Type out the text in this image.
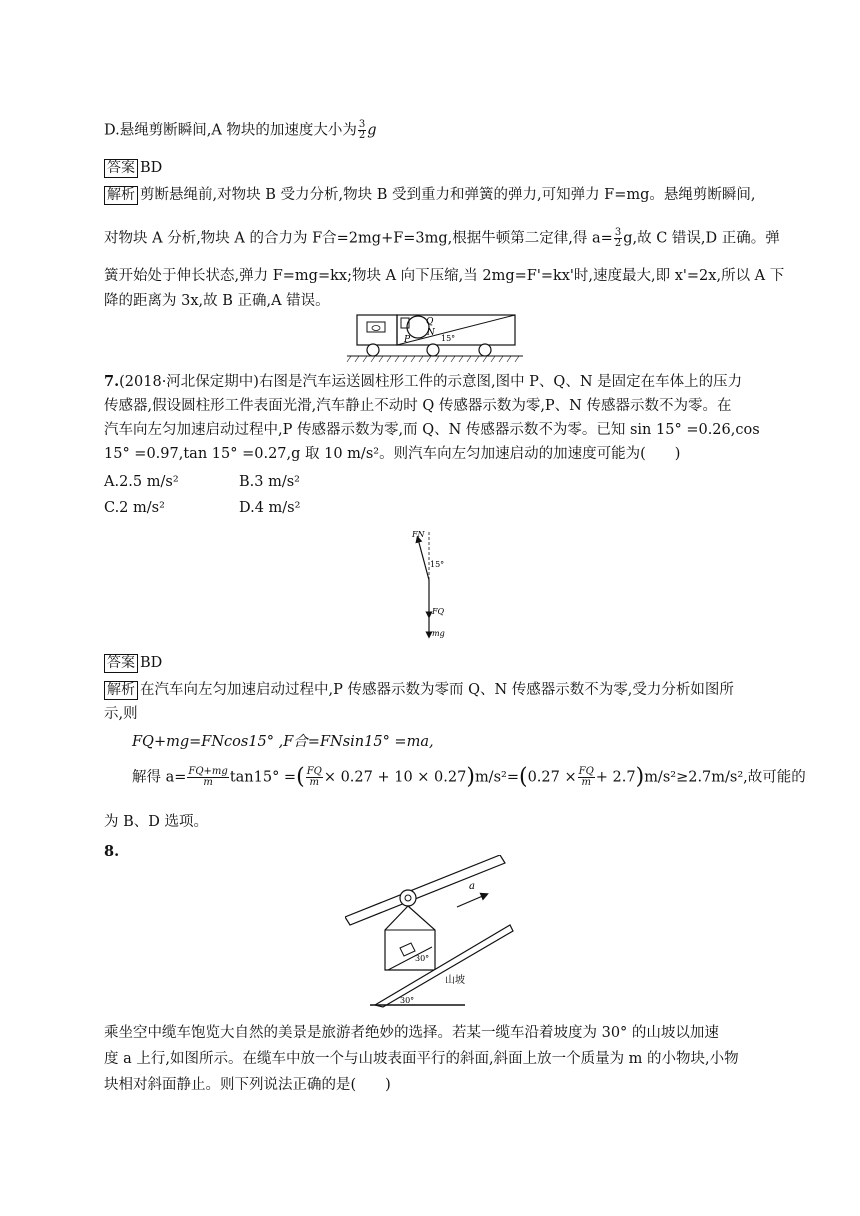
D.悬绳剪断瞬间,A 物块的加速度大小为 $\frac{3}{2}$ g
答案 BD
解析 剪断悬绳前,对物块 B 受力分析,物块 B 受到重力和弹簧的弹力,可知弹力 F=mg。悬绳剪断瞬间,
对物块 A 分析,物块 A 的合力为 F合=2mg+F=3mg,根据牛顿第二定律,得 $a= \frac{3}{2} g$,故 C 错误,D 正确。弹
簧开始处于伸长状态,弹力 F=mg=kx;物块 A 向下压缩,当 2mg=F'=kx'时,速度最大,即 x'=2x,所以 A 下
降的距离为 3x,故 B 正确,A 错误。
P
Q
N
15°
7.(2018·河北保定期中)右图是汽车运送圆柱形工件的示意图,图中 P、Q、N 是固定在车体上的压力
传感器,假设圆柱形工件表面光滑,汽车静止不动时 Q 传感器示数为零,P、N 传感器示数不为零。在
汽车向左匀加速启动过程中,P 传感器示数为零,而 Q、N 传感器示数不为零。已知 sin 15° =0.26,cos
15° =0.97,tan 15° =0.27,g 取 10 m/s²。则汽车向左匀加速启动的加速度可能为(　　)
A.2.5 m/s²	B.3 m/s²
C.2 m/s²	D.4 m/s²
FN
15°
FQ
mg
答案 BD
解析 在汽车向左匀加速启动过程中,P 传感器示数为零而 Q、N 传感器示数不为零,受力分析如图所
示,则
FQ+mg=FNcos15° ,F合=FNsin15° =ma,
解得 $a= \frac{FQ+mg}{m} \tan 15^\circ$ =( $\frac{FQ}{m} \times 0.27 + 10 \times 0.27)m/s^2=(0.27 \times \frac{FQ}{m} + 2.7)m/s^2\ge 2.7m/s^2$,故可能的
为 B、D 选项。
8.
30°
a
山坡
30°
乘坐空中缆车饱览大自然的美景是旅游者绝妙的选择。若某一缆车沿着坡度为 30° 的山坡以加速
度 a 上行,如图所示。在缆车中放一个与山坡表面平行的斜面,斜面上放一个质量为 m 的小物块,小物
块相对斜面静止。则下列说法正确的是(　　)
